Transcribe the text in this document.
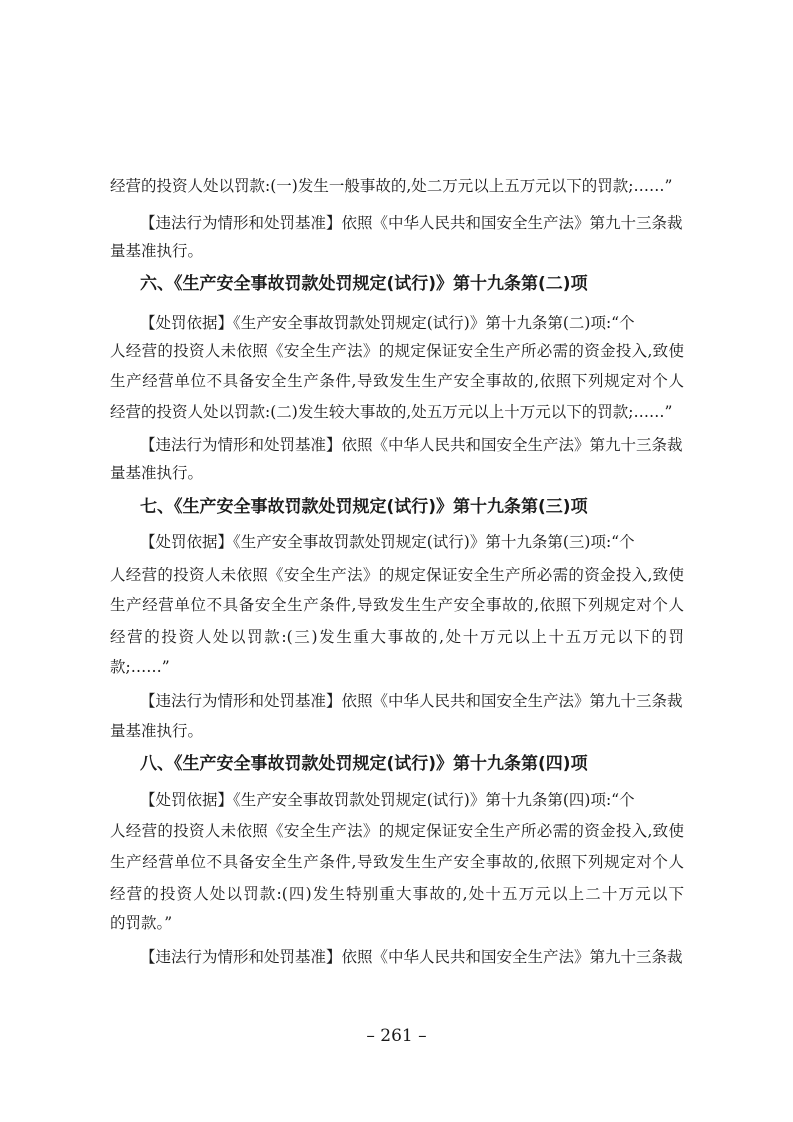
经营的投资人处以罚款:(一)发生一般事故的,处二万元以上五万元以下的罚款;……”
【违法行为情形和处罚基准】依照《中华人民共和国安全生产法》第九十三条裁
量基准执行。
六、《生产安全事故罚款处罚规定(试行)》第十九条第(二)项
【处罚依据】《生产安全事故罚款处罚规定(试行)》第十九条第(二)项:“个
人经营的投资人未依照《安全生产法》的规定保证安全生产所必需的资金投入,致使
生产经营单位不具备安全生产条件,导致发生生产安全事故的,依照下列规定对个人
经营的投资人处以罚款:(二)发生较大事故的,处五万元以上十万元以下的罚款;……”
【违法行为情形和处罚基准】依照《中华人民共和国安全生产法》第九十三条裁
量基准执行。
七、《生产安全事故罚款处罚规定(试行)》第十九条第(三)项
【处罚依据】《生产安全事故罚款处罚规定(试行)》第十九条第(三)项:“个
人经营的投资人未依照《安全生产法》的规定保证安全生产所必需的资金投入,致使
生产经营单位不具备安全生产条件,导致发生生产安全事故的,依照下列规定对个人
经营的投资人处以罚款:(三)发生重大事故的,处十万元以上十五万元以下的罚
款;……”
【违法行为情形和处罚基准】依照《中华人民共和国安全生产法》第九十三条裁
量基准执行。
八、《生产安全事故罚款处罚规定(试行)》第十九条第(四)项
【处罚依据】《生产安全事故罚款处罚规定(试行)》第十九条第(四)项:“个
人经营的投资人未依照《安全生产法》的规定保证安全生产所必需的资金投入,致使
生产经营单位不具备安全生产条件,导致发生生产安全事故的,依照下列规定对个人
经营的投资人处以罚款:(四)发生特别重大事故的,处十五万元以上二十万元以下
的罚款。”
【违法行为情形和处罚基准】依照《中华人民共和国安全生产法》第九十三条裁
– 261 –
